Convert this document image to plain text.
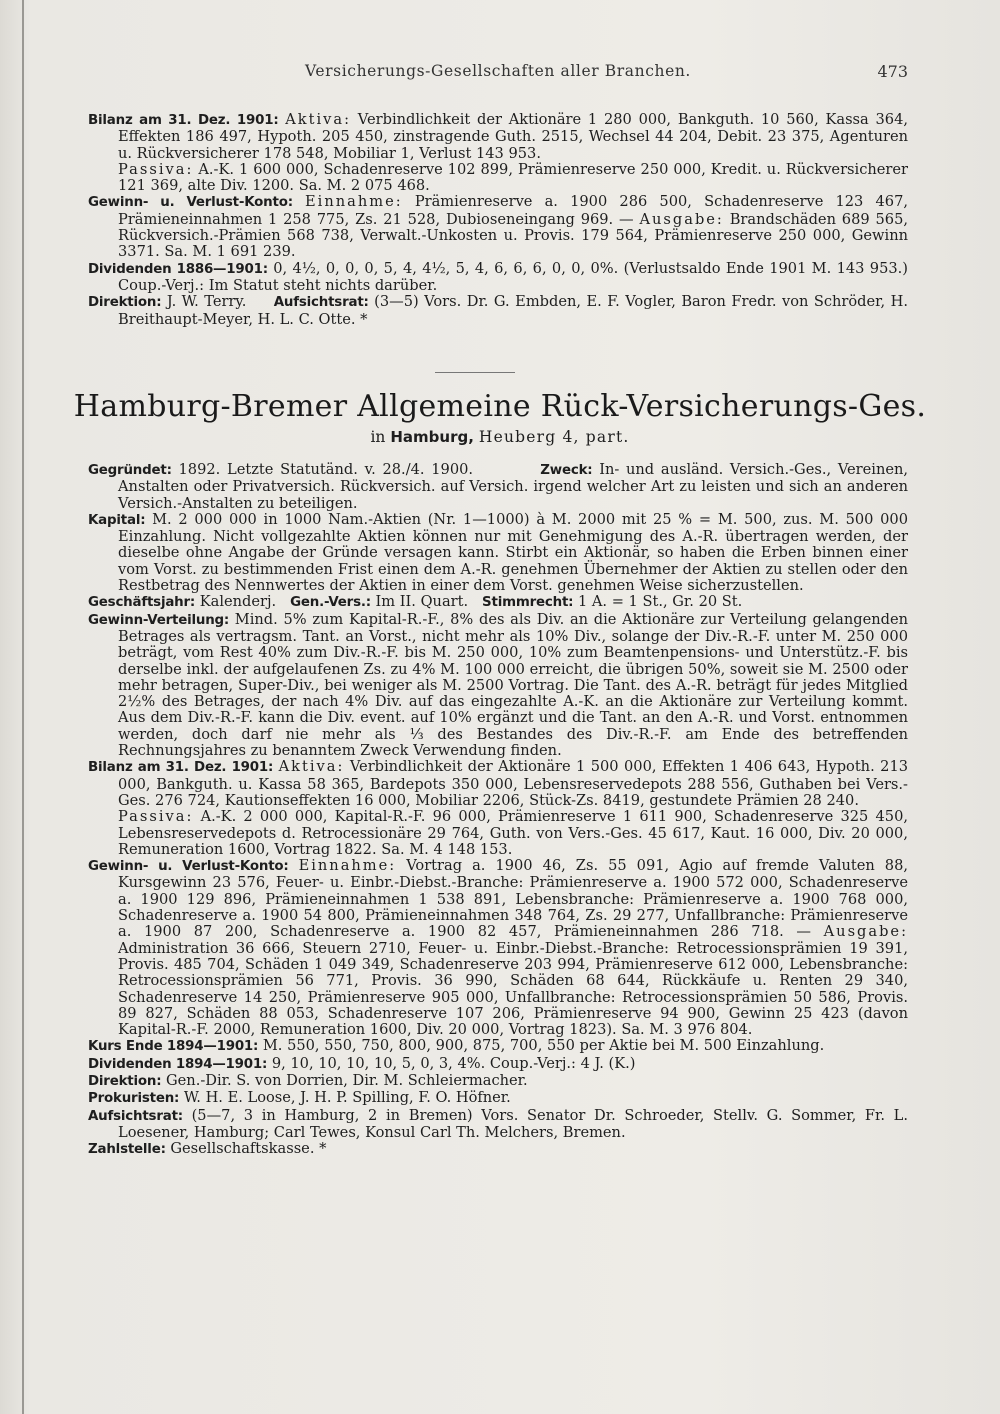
Versicherungs-Gesellschaften aller Branchen.	473

Bilanz am 31. Dez. 1901: Aktiva: Verbindlichkeit der Aktionäre 1 280 000, Bankguth. 10 560, Kassa 364, Effekten 186 497, Hypoth. 205 450, zinstragende Guth. 2515, Wechsel 44 204, Debit. 23 375, Agenturen u. Rückversicherer 178 548, Mobiliar 1, Verlust 143 953.

Passiva: A.-K. 1 600 000, Schadenreserve 102 899, Prämienreserve 250 000, Kredit. u. Rückversicherer 121 369, alte Div. 1200. Sa. M. 2 075 468.

Gewinn- u. Verlust-Konto: Einnahme: Prämienreserve a. 1900 286 500, Schadenreserve 123 467, Prämieneinnahmen 1 258 775, Zs. 21 528, Dubioseneingang 969. — Ausgabe: Brandschäden 689 565, Rückversich.-Prämien 568 738, Verwalt.-Unkosten u. Provis. 179 564, Prämienreserve 250 000, Gewinn 3371. Sa. M. 1 691 239.

Dividenden 1886—1901: 0, 4½, 0, 0, 0, 5, 4, 4½, 5, 4, 6, 6, 6, 0, 0, 0%. (Verlustsaldo Ende 1901 M. 143 953.) Coup.-Verj.: Im Statut steht nichts darüber.

Direktion: J. W. Terry. Aufsichtsrat: (3—5) Vors. Dr. G. Embden, E. F. Vogler, Baron Fredr. von Schröder, H. Breithaupt-Meyer, H. L. C. Otte. *

Hamburg-Bremer Allgemeine Rück-Versicherungs-Ges.
in Hamburg, Heuberg 4, part.

Gegründet: 1892. Letzte Statutänd. v. 28./4. 1900.	Zweck: In- und ausländ. Versich.-Ges., Vereinen, Anstalten oder Privatversich. Rückversich. auf Versich. irgend welcher Art zu leisten und sich an anderen Versich.-Anstalten zu beteiligen.

Kapital: M. 2 000 000 in 1000 Nam.-Aktien (Nr. 1—1000) à M. 2000 mit 25 % = M. 500, zus. M. 500 000 Einzahlung. Nicht vollgezahlte Aktien können nur mit Genehmigung des A.-R. übertragen werden, der dieselbe ohne Angabe der Gründe versagen kann. Stirbt ein Aktionär, so haben die Erben binnen einer vom Vorst. zu bestimmenden Frist einen dem A.-R. genehmen Übernehmer der Aktien zu stellen oder den Restbetrag des Nennwertes der Aktien in einer dem Vorst. genehmen Weise sicherzustellen.

Geschäftsjahr: Kalenderj. Gen.-Vers.: Im II. Quart. Stimmrecht: 1 A. = 1 St., Gr. 20 St.

Gewinn-Verteilung: Mind. 5% zum Kapital-R.-F., 8% des als Div. an die Aktionäre zur Verteilung gelangenden Betrages als vertragsm. Tant. an Vorst., nicht mehr als 10% Div., solange der Div.-R.-F. unter M. 250 000 beträgt, vom Rest 40% zum Div.-R.-F. bis M. 250 000, 10% zum Beamtenpensions- und Unterstütz.-F. bis derselbe inkl. der aufgelaufenen Zs. zu 4% M. 100 000 erreicht, die übrigen 50%, soweit sie M. 2500 oder mehr betragen, Super-Div., bei weniger als M. 2500 Vortrag. Die Tant. des A.-R. beträgt für jedes Mitglied 2½% des Betrages, der nach 4% Div. auf das eingezahlte A.-K. an die Aktionäre zur Verteilung kommt. Aus dem Div.-R.-F. kann die Div. event. auf 10% ergänzt und die Tant. an den A.-R. und Vorst. entnommen werden, doch darf nie mehr als ⅓ des Bestandes des Div.-R.-F. am Ende des betreffenden Rechnungsjahres zu benanntem Zweck Verwendung finden.

Bilanz am 31. Dez. 1901: Aktiva: Verbindlichkeit der Aktionäre 1 500 000, Effekten 1 406 643, Hypoth. 213 000, Bankguth. u. Kassa 58 365, Bardepots 350 000, Lebensreservedepots 288 556, Guthaben bei Vers.-Ges. 276 724, Kautionseffekten 16 000, Mobiliar 2206, Stück-Zs. 8419, gestundete Prämien 28 240.

Passiva: A.-K. 2 000 000, Kapital-R.-F. 96 000, Prämienreserve 1 611 900, Schadenreserve 325 450, Lebensreservedepots d. Retrocessionäre 29 764, Guth. von Vers.-Ges. 45 617, Kaut. 16 000, Div. 20 000, Remuneration 1600, Vortrag 1822. Sa. M. 4 148 153.

Gewinn- u. Verlust-Konto: Einnahme: Vortrag a. 1900 46, Zs. 55 091, Agio auf fremde Valuten 88, Kursgewinn 23 576, Feuer- u. Einbr.-Diebst.-Branche: Prämienreserve a. 1900 572 000, Schadenreserve a. 1900 129 896, Prämieneinnahmen 1 538 891, Lebensbranche: Prämienreserve a. 1900 768 000, Schadenreserve a. 1900 54 800, Prämieneinnahmen 348 764, Zs. 29 277, Unfallbranche: Prämienreserve a. 1900 87 200, Schadenreserve a. 1900 82 457, Prämieneinnahmen 286 718. — Ausgabe: Administration 36 666, Steuern 2710, Feuer- u. Einbr.-Diebst.-Branche: Retrocessionsprämien 19 391, Provis. 485 704, Schäden 1 049 349, Schadenreserve 203 994, Prämienreserve 612 000, Lebensbranche: Retrocessionsprämien 56 771, Provis. 36 990, Schäden 68 644, Rückkäufe u. Renten 29 340, Schadenreserve 14 250, Prämienreserve 905 000, Unfallbranche: Retrocessionsprämien 50 586, Provis. 89 827, Schäden 88 053, Schadenreserve 107 206, Prämienreserve 94 900, Gewinn 25 423 (davon Kapital-R.-F. 2000, Remuneration 1600, Div. 20 000, Vortrag 1823). Sa. M. 3 976 804.

Kurs Ende 1894—1901: M. 550, 550, 750, 800, 900, 875, 700, 550 per Aktie bei M. 500 Einzahlung.

Dividenden 1894—1901: 9, 10, 10, 10, 10, 5, 0, 3, 4%. Coup.-Verj.: 4 J. (K.)

Direktion: Gen.-Dir. S. von Dorrien, Dir. M. Schleiermacher.

Prokuristen: W. H. E. Loose, J. H. P. Spilling, F. O. Höfner.

Aufsichtsrat: (5—7, 3 in Hamburg, 2 in Bremen) Vors. Senator Dr. Schroeder, Stellv. G. Sommer, Fr. L. Loesener, Hamburg; Carl Tewes, Konsul Carl Th. Melchers, Bremen.

Zahlstelle: Gesellschaftskasse. *
